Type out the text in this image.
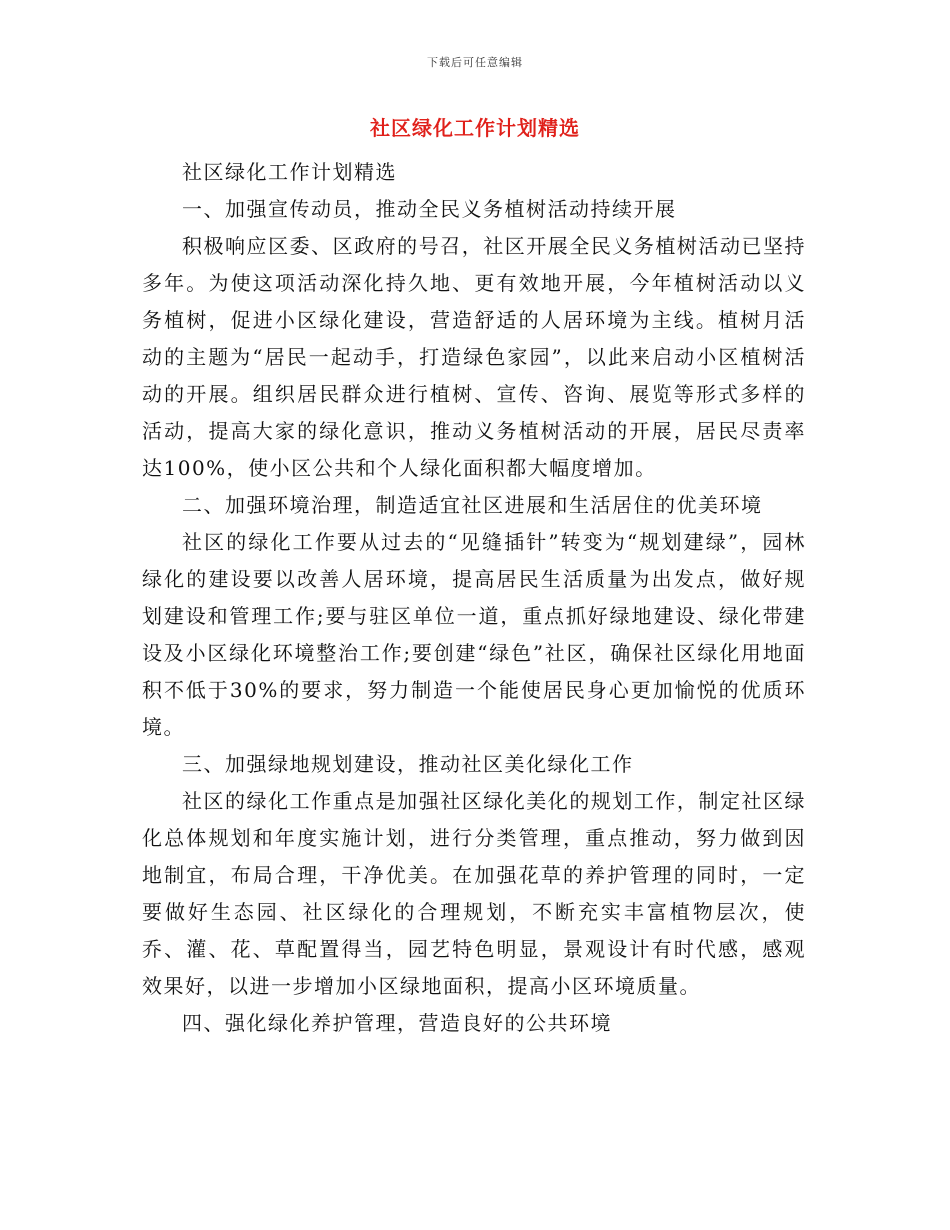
下载后可任意编辑
社区绿化工作计划精选

社区绿化工作计划精选

一、加强宣传动员，推动全民义务植树活动持续开展

积极响应区委、区政府的号召，社区开展全民义务植树活动已坚持多年。为使这项活动深化持久地、更有效地开展，今年植树活动以义务植树，促进小区绿化建设，营造舒适的人居环境为主线。植树月活动的主题为“居民一起动手，打造绿色家园”，以此来启动小区植树活动的开展。组织居民群众进行植树、宣传、咨询、展览等形式多样的活动，提高大家的绿化意识，推动义务植树活动的开展，居民尽责率达100%，使小区公共和个人绿化面积都大幅度增加。

二、加强环境治理，制造适宜社区进展和生活居住的优美环境

社区的绿化工作要从过去的“见缝插针”转变为“规划建绿”，园林绿化的建设要以改善人居环境，提高居民生活质量为出发点，做好规划建设和管理工作;要与驻区单位一道，重点抓好绿地建设、绿化带建设及小区绿化环境整治工作;要创建“绿色”社区，确保社区绿化用地面积不低于30%的要求，努力制造一个能使居民身心更加愉悦的优质环境。

三、加强绿地规划建设，推动社区美化绿化工作

社区的绿化工作重点是加强社区绿化美化的规划工作，制定社区绿化总体规划和年度实施计划，进行分类管理，重点推动，努力做到因地制宜，布局合理，干净优美。在加强花草的养护管理的同时，一定要做好生态园、社区绿化的合理规划，不断充实丰富植物层次，使乔、灌、花、草配置得当，园艺特色明显，景观设计有时代感，感观效果好，以进一步增加小区绿地面积，提高小区环境质量。

四、强化绿化养护管理，营造良好的公共环境
